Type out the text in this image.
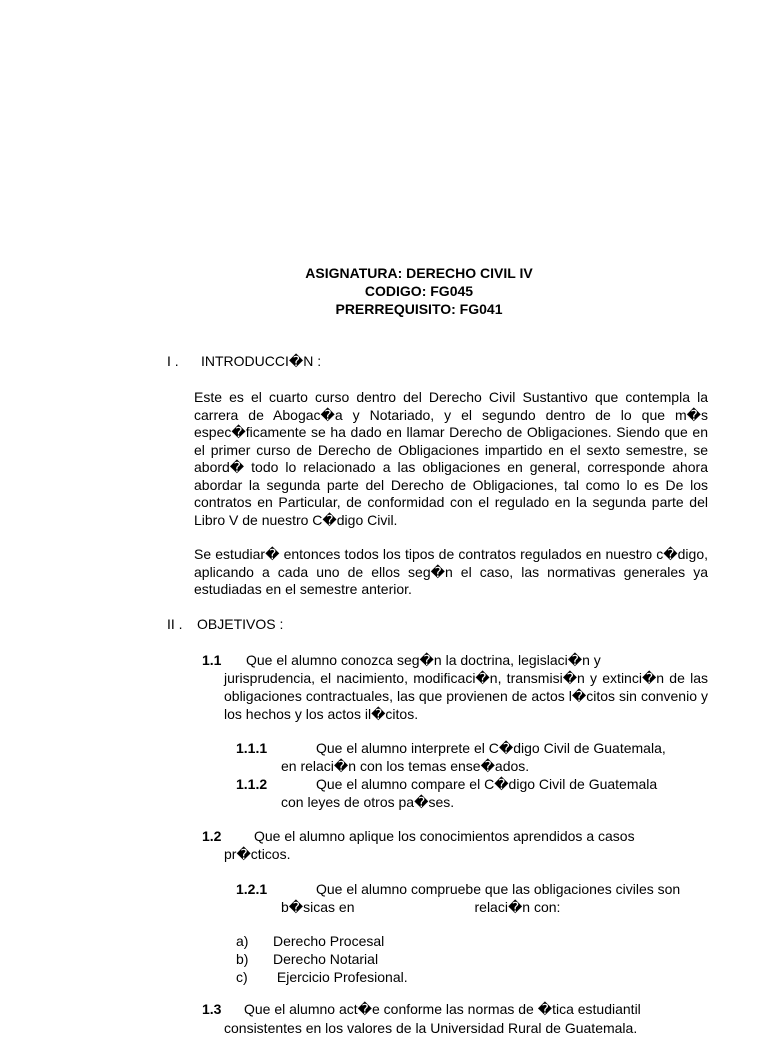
ASIGNATURA: DERECHO CIVIL IV
CODIGO: FG045
PRERREQUISITO: FG041
I . INTRODUCCI�N :
Este es el cuarto curso dentro del Derecho Civil Sustantivo que contempla la carrera de Abogac�a y Notariado, y el segundo dentro de lo que m�s espec�ficamente se ha dado en llamar Derecho de Obligaciones. Siendo que en el primer curso de Derecho de Obligaciones impartido en el sexto semestre, se abord� todo lo relacionado a las obligaciones en general, corresponde ahora abordar la segunda parte del Derecho de Obligaciones, tal como lo es De los contratos en Particular, de conformidad con el regulado en la segunda parte del Libro V de nuestro C�digo Civil.
Se estudiar� entonces todos los tipos de contratos regulados en nuestro c�digo, aplicando a cada uno de ellos seg�n el caso, las normativas generales ya estudiadas en el semestre anterior.
II . OBJETIVOS :
1.1 Que el alumno conozca seg�n la doctrina, legislaci�n y
jurisprudencia, el nacimiento, modificaci�n, transmisi�n y extinci�n de las obligaciones contractuales, las que provienen de actos l�citos sin convenio y los hechos y los actos il�citos.
1.1.1	Que el alumno interprete el C�digo Civil de Guatemala,
en relaci�n con los temas ense�ados.
1.1.2	Que el alumno compare el C�digo Civil de Guatemala
con leyes de otros pa�ses.
1.2 Que el alumno aplique los conocimientos aprendidos a casos
pr�cticos.
1.2.1	Que el alumno compruebe que las obligaciones civiles son
b�sicas en	relaci�n con:
a) Derecho Procesal
b) Derecho Notarial
c) Ejercicio Profesional.
1.3 Que el alumno act�e conforme las normas de �tica estudiantil
consistentes en los valores de la Universidad Rural de Guatemala.
